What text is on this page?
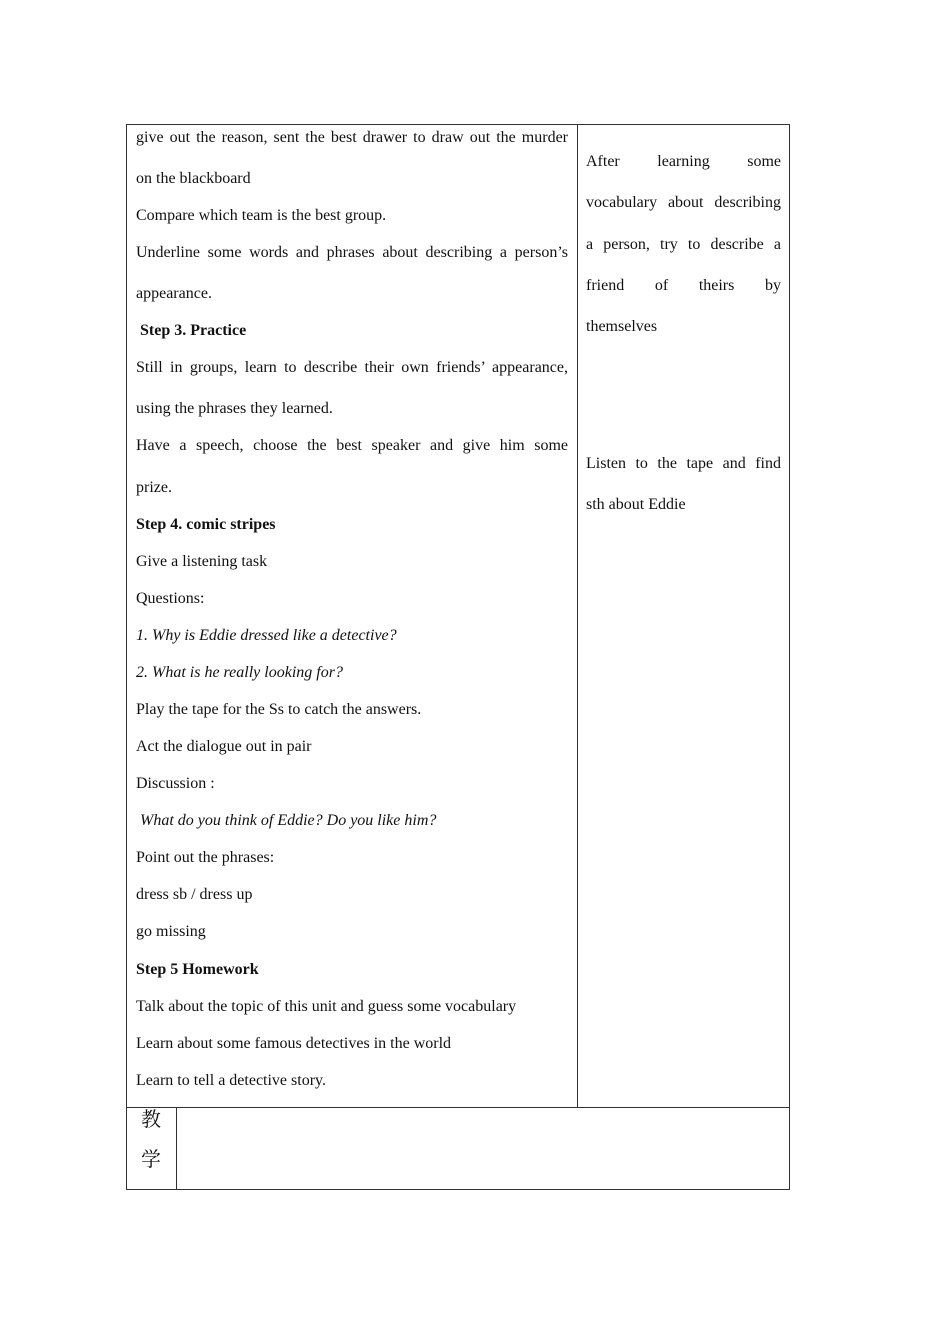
give out the reason, sent the best drawer to draw out the murder
on the blackboard
Compare which team is the best group.
Underline some words and phrases about describing a person’s
appearance.
Step 3. Practice
Still in groups, learn to describe their own friends’ appearance,
using the phrases they learned.
Have a speech, choose the best speaker and give him some
prize.
Step 4. comic stripes
Give a listening task
Questions:
1. Why is Eddie dressed like a detective?
2. What is he really looking for?
Play the tape for the Ss to catch the answers.
Act the dialogue out in pair
Discussion :
What do you think of Eddie? Do you like him?
Point out the phrases:
dress sb / dress up
go missing
Step 5 Homework
Talk about the topic of this unit and guess some vocabulary
Learn about some famous detectives in the world
Learn to tell a detective story.
After learning some
vocabulary about describing
a person, try to describe a
friend of theirs by
themselves
Listen to the tape and find
sth about Eddie
教
学
